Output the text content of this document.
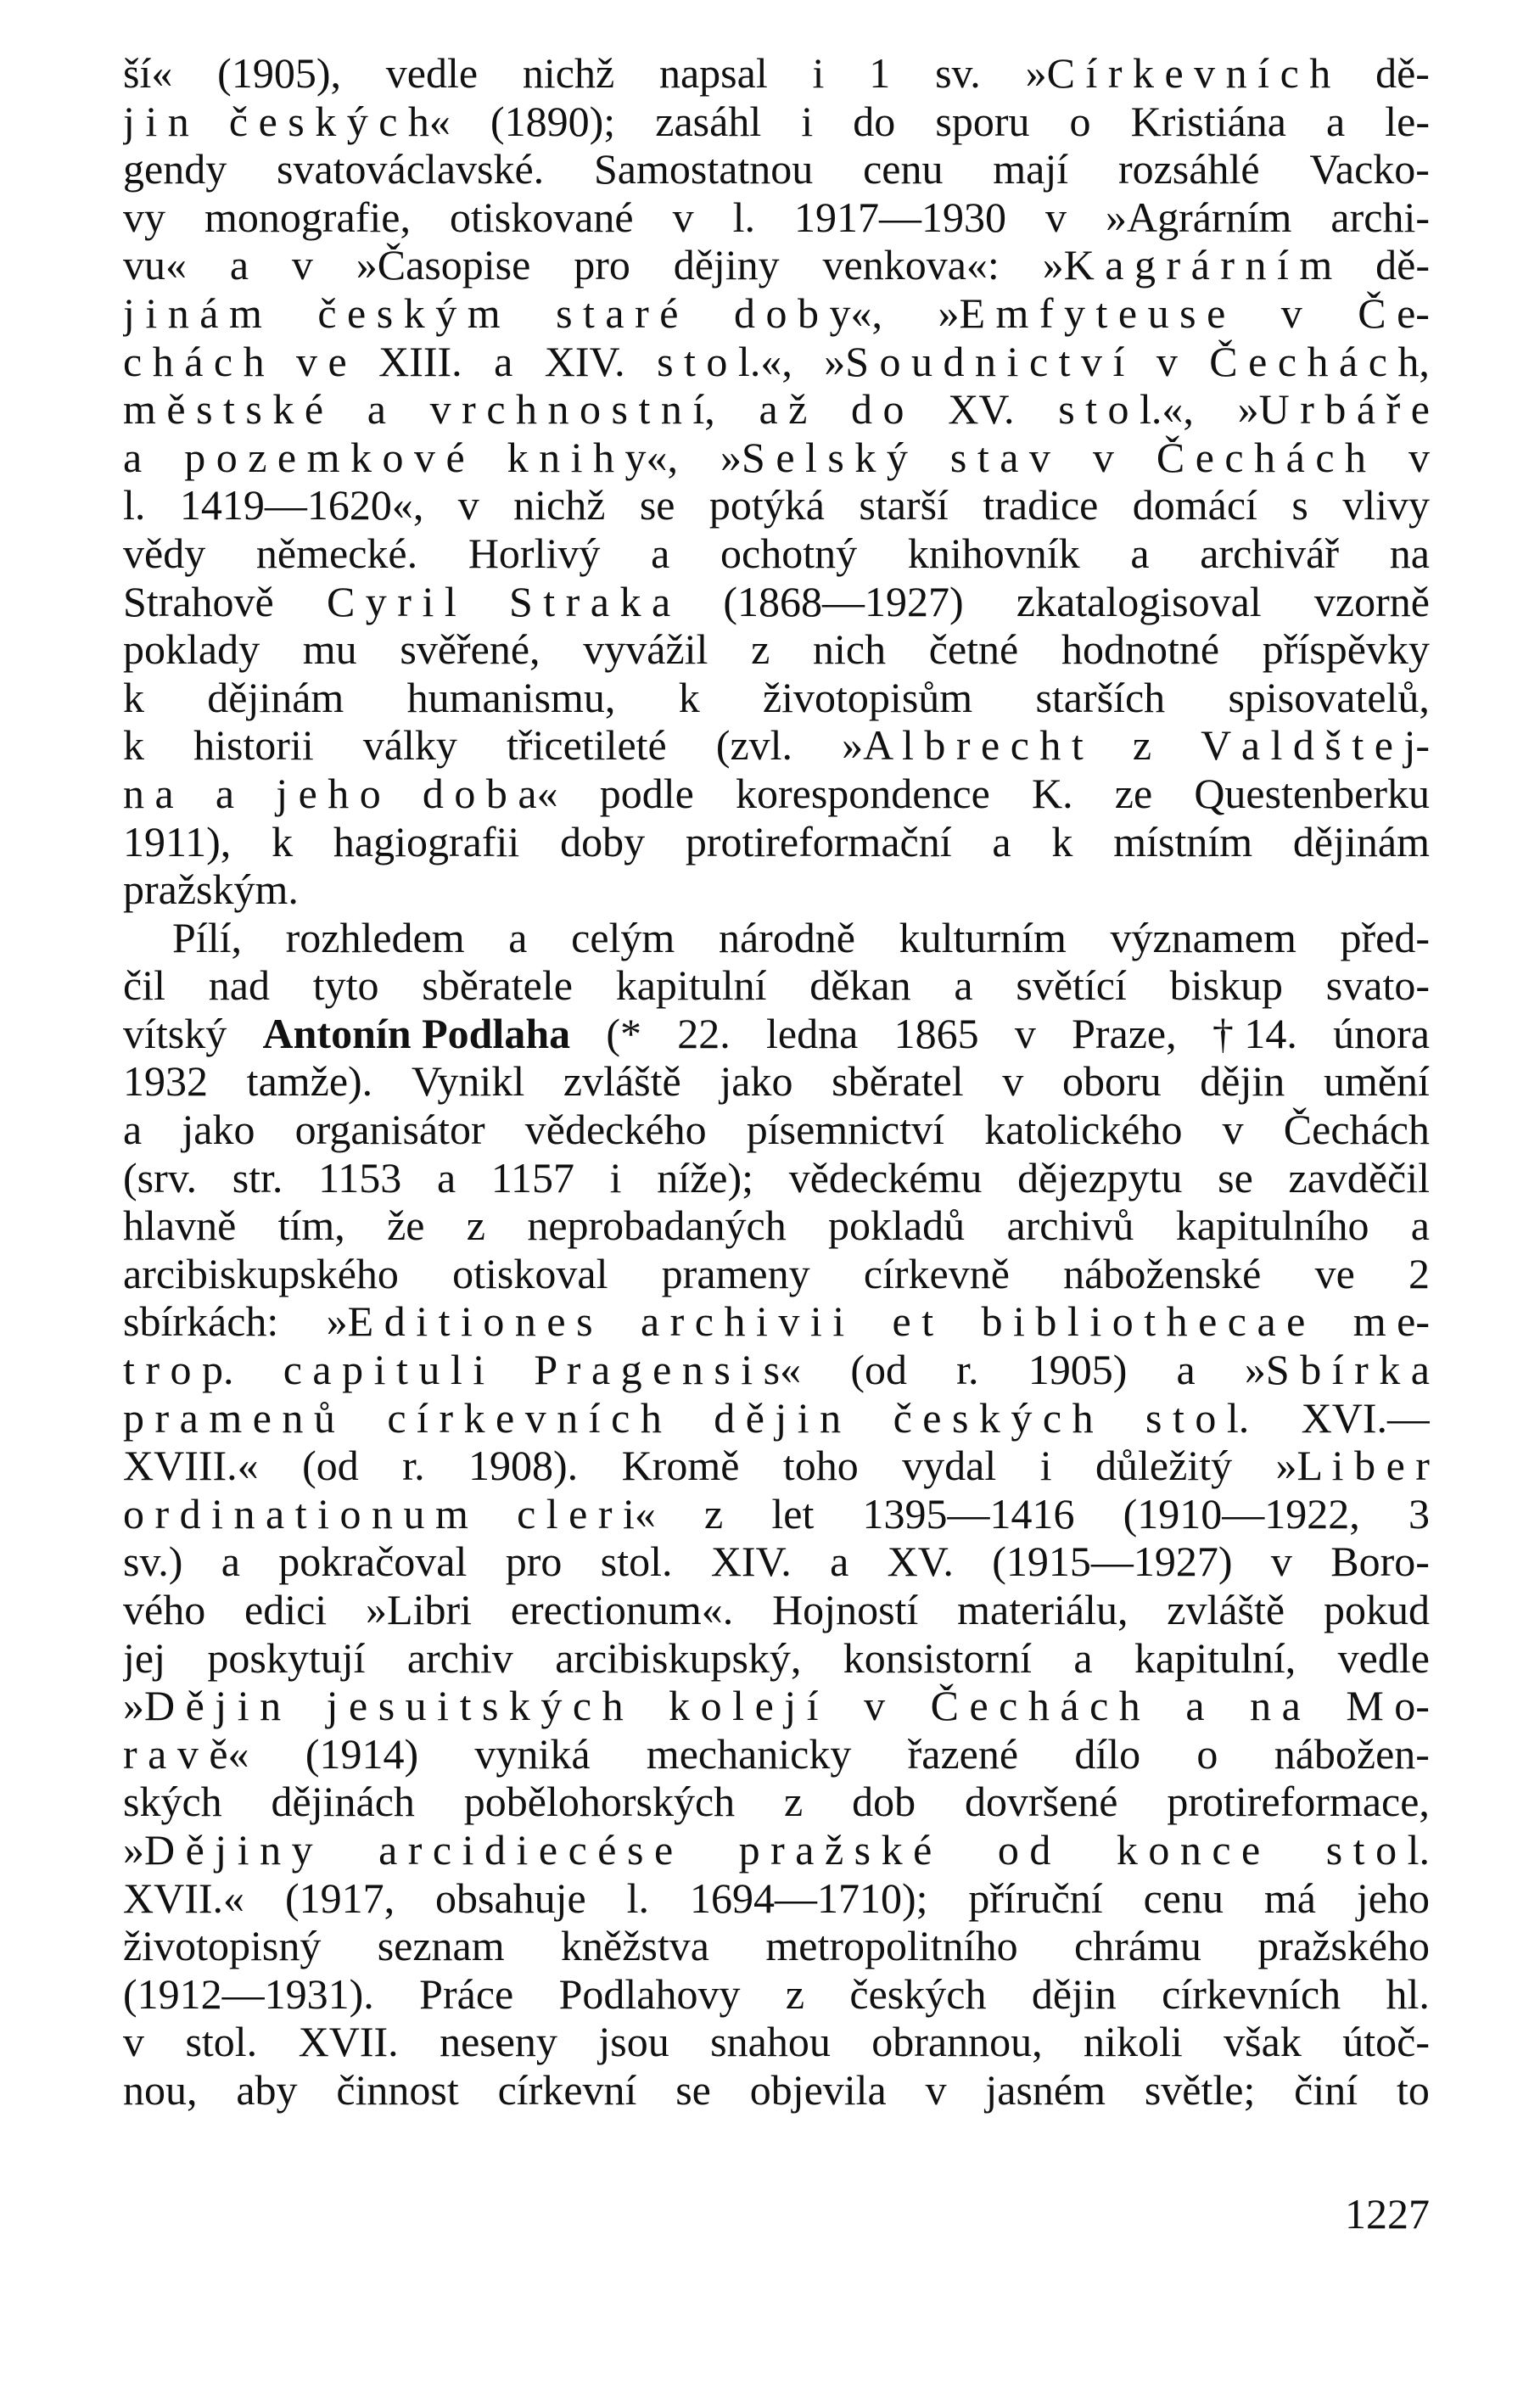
ší« (1905), vedle nichž napsal i 1 sv. »C í r k e v n í c h dě-
j i n č e s k ý c h« (1890); zasáhl i do sporu o Kristiána a le-
gendy svatováclavské. Samostatnou cenu mají rozsáhlé Vacko-
vy monografie, otiskované v l. 1917—1930 v »Agrárním archi-
vu« a v »Časopise pro dějiny venkova«: »K a g r á r n í m dě-
j i n á m č e s k ý m s t a r é d o b y«, »E m f y t e u s e v Č e-
c h á c h v e XIII. a XIV. s t o l.«, »S o u d n i c t v í v Č e c h á c h,
m ě s t s k é a v r c h n o s t n í, a ž d o XV. s t o l.«, »U r b á ř e
a p o z e m k o v é k n i h y«, »S e l s k ý s t a v v Č e c h á c h v
l. 1419—1620«, v nichž se potýká starší tradice domácí s vlivy
vědy německé. Horlivý a ochotný knihovník a archivář na
Strahově C y r i l S t r a k a (1868—1927) zkatalogisoval vzorně
poklady mu svěřené, vyvážil z nich četné hodnotné příspěvky
k dějinám humanismu, k životopisům starších spisovatelů,
k historii války třicetileté (zvl. »A l b r e c h t z V a l d š t e j-
n a a j e h o d o b a« podle korespondence K. ze Questenberku
1911), k hagiografii doby protireformační a k místním dějinám
pražským.
Pílí, rozhledem a celým národně kulturním významem před-
čil nad tyto sběratele kapitulní děkan a světící biskup svato-
vítský Antonín Podlaha (* 22. ledna 1865 v Praze, † 14. února
1932 tamže). Vynikl zvláště jako sběratel v oboru dějin umění
a jako organisátor vědeckého písemnictví katolického v Čechách
(srv. str. 1153 a 1157 i níže); vědeckému dějezpytu se zavděčil
hlavně tím, že z neprobadaných pokladů archivů kapitulního a
arcibiskupského otiskoval prameny církevně náboženské ve 2
sbírkách: »E d i t i o n e s a r c h i v i i e t b i b l i o t h e c a e m e-
t r o p. c a p i t u l i P r a g e n s i s« (od r. 1905) a »S b í r k a
p r a m e n ů c í r k e v n í c h d ě j i n č e s k ý c h s t o l. XVI.—
XVIII.« (od r. 1908). Kromě toho vydal i důležitý »L i b e r
o r d i n a t i o n u m c l e r i« z let 1395—1416 (1910—1922, 3
sv.) a pokračoval pro stol. XIV. a XV. (1915—1927) v Boro-
vého edici »Libri erectionum«. Hojností materiálu, zvláště pokud
jej poskytují archiv arcibiskupský, konsistorní a kapitulní, vedle
»D ě j i n j e s u i t s k ý c h k o l e j í v Č e c h á c h a n a M o-
r a v ě« (1914) vyniká mechanicky řazené dílo o nábožen-
ských dějinách pobělohorských z dob dovršené protireformace,
»D ě j i n y a r c i d i e c é s e p r a ž s k é o d k o n c e s t o l.
XVII.« (1917, obsahuje l. 1694—1710); příruční cenu má jeho
životopisný seznam kněžstva metropolitního chrámu pražského
(1912—1931). Práce Podlahovy z českých dějin církevních hl.
v stol. XVII. neseny jsou snahou obrannou, nikoli však útoč-
nou, aby činnost církevní se objevila v jasném světle; činí to
1227
